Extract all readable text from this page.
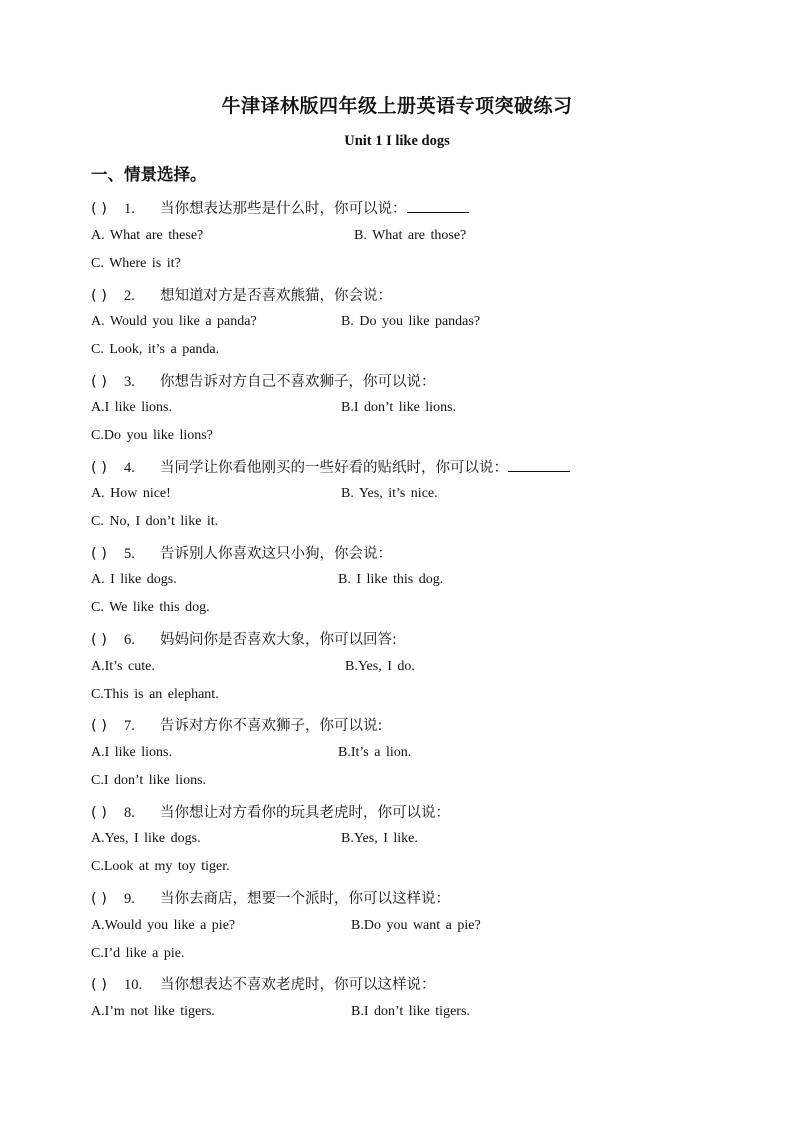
牛津译林版四年级上册英语专项突破练习
Unit 1 I like dogs
一、情景选择。
( ) 1. 当你想表达那些是什么时，你可以说：
A. What are these?	B. What are those?
C. Where is it?
( ) 2. 想知道对方是否喜欢熊猫，你会说：
A. Would you like a panda?	B. Do you like pandas?
C. Look, it’s a panda.
( ) 3. 你想告诉对方自己不喜欢狮子，你可以说：
A.I like lions.	B.I don’t like lions.
C.Do you like lions?
( ) 4. 当同学让你看他刚买的一些好看的贴纸时，你可以说：
A. How nice!	B. Yes, it’s nice.
C. No, I don’t like it.
( ) 5. 告诉别人你喜欢这只小狗，你会说：
A. I like dogs.	B. I like this dog.
C. We like this dog.
( ) 6. 妈妈问你是否喜欢大象，你可以回答:
A.It’s cute.	B.Yes, I do.
C.This is an elephant.
( ) 7. 告诉对方你不喜欢狮子，你可以说:
A.I like lions.	B.It’s a lion.
C.I don’t like lions.
( ) 8. 当你想让对方看你的玩具老虎时，你可以说：
A.Yes, I like dogs.	B.Yes, I like.
C.Look at my toy tiger.
( ) 9. 当你去商店，想要一个派时，你可以这样说：
A.Would you like a pie?	B.Do you want a pie?
C.I’d like a pie.
( ) 10. 当你想表达不喜欢老虎时，你可以这样说：
A.I’m not like tigers.	B.I don’t like tigers.
